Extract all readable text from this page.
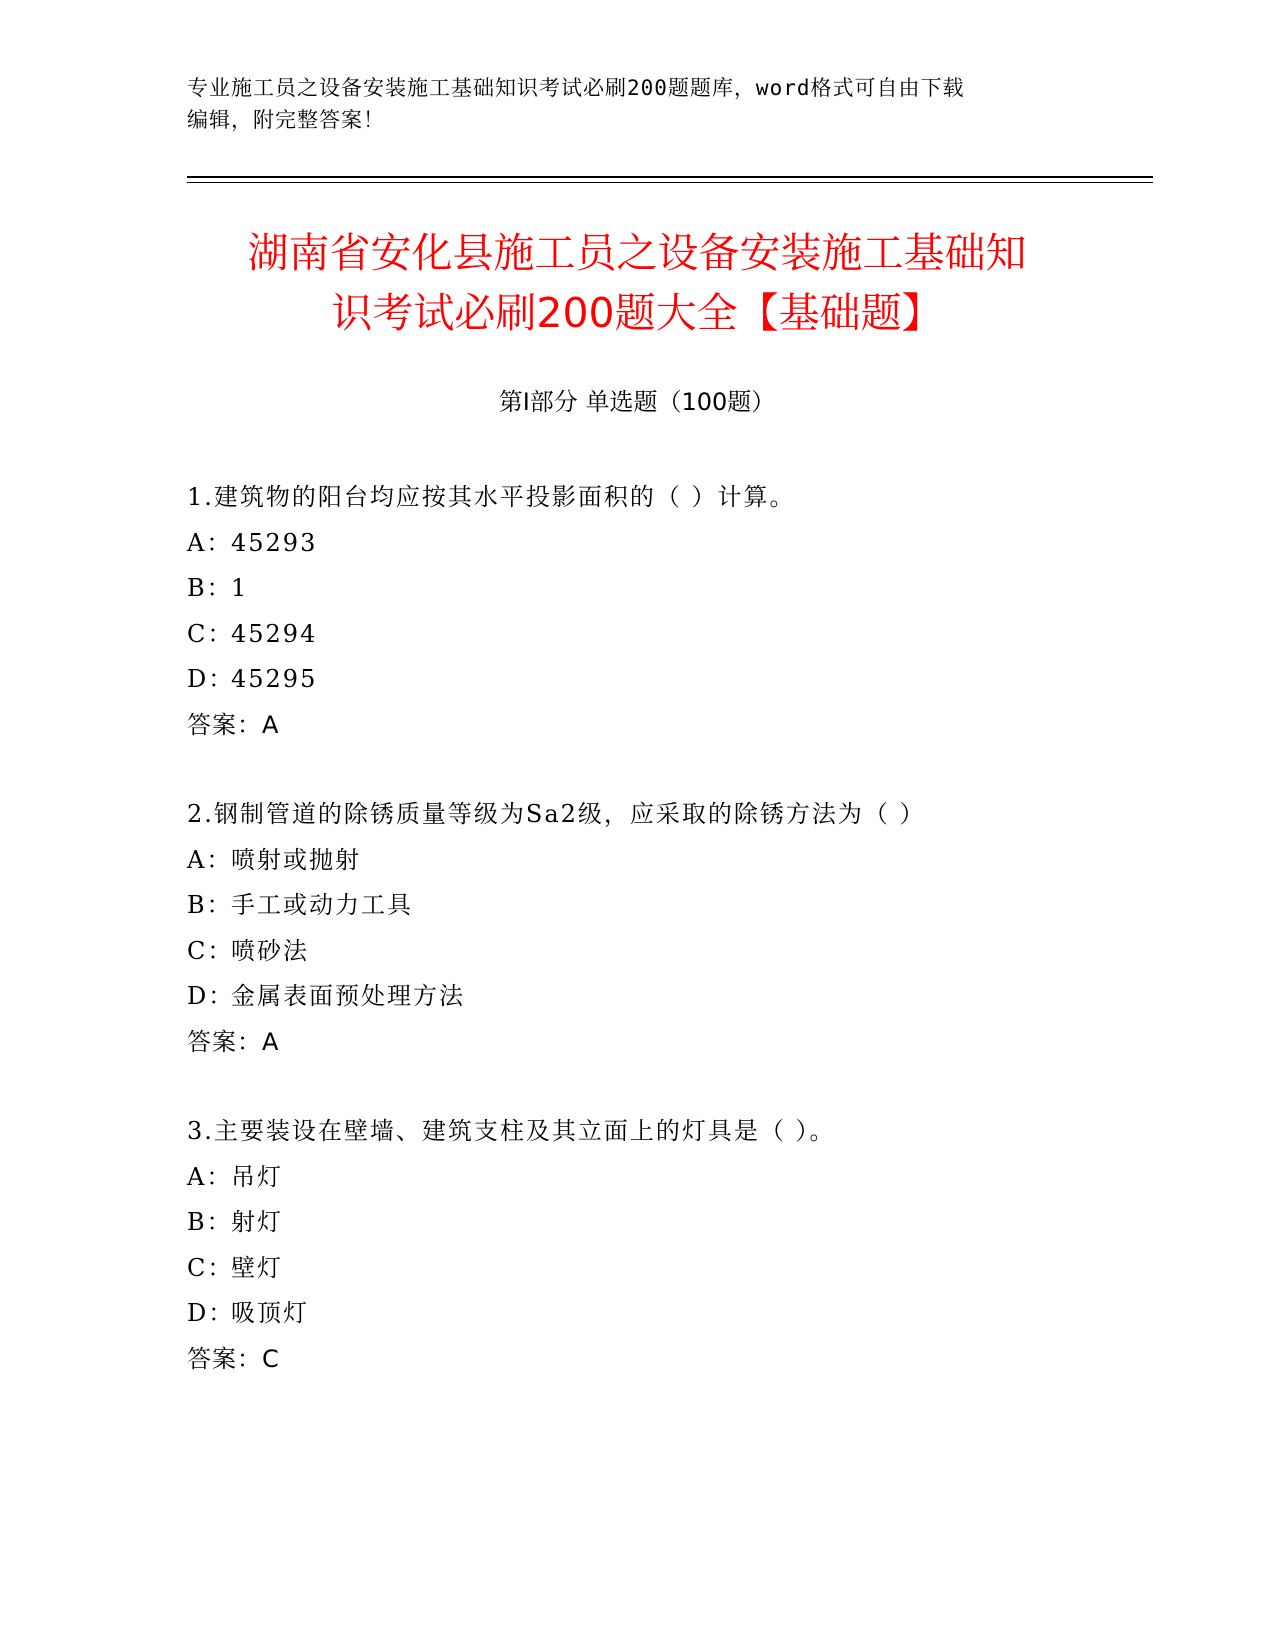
专业施工员之设备安装施工基础知识考试必刷200题题库，word格式可自由下载
编辑，附完整答案！
湖南省安化县施工员之设备安装施工基础知
识考试必刷200题大全【基础题】
第Ⅰ部分 单选题（100题）
1.建筑物的阳台均应按其水平投影面积的（ ）计算。
A：45293
B：1
C：45294
D：45295
答案：A
2.钢制管道的除锈质量等级为Sa2级，应采取的除锈方法为（ ）
A：喷射或抛射
B：手工或动力工具
C：喷砂法
D：金属表面预处理方法
答案：A
3.主要装设在壁墙、建筑支柱及其立面上的灯具是（ ）。
A：吊灯
B：射灯
C：壁灯
D：吸顶灯
答案：C
